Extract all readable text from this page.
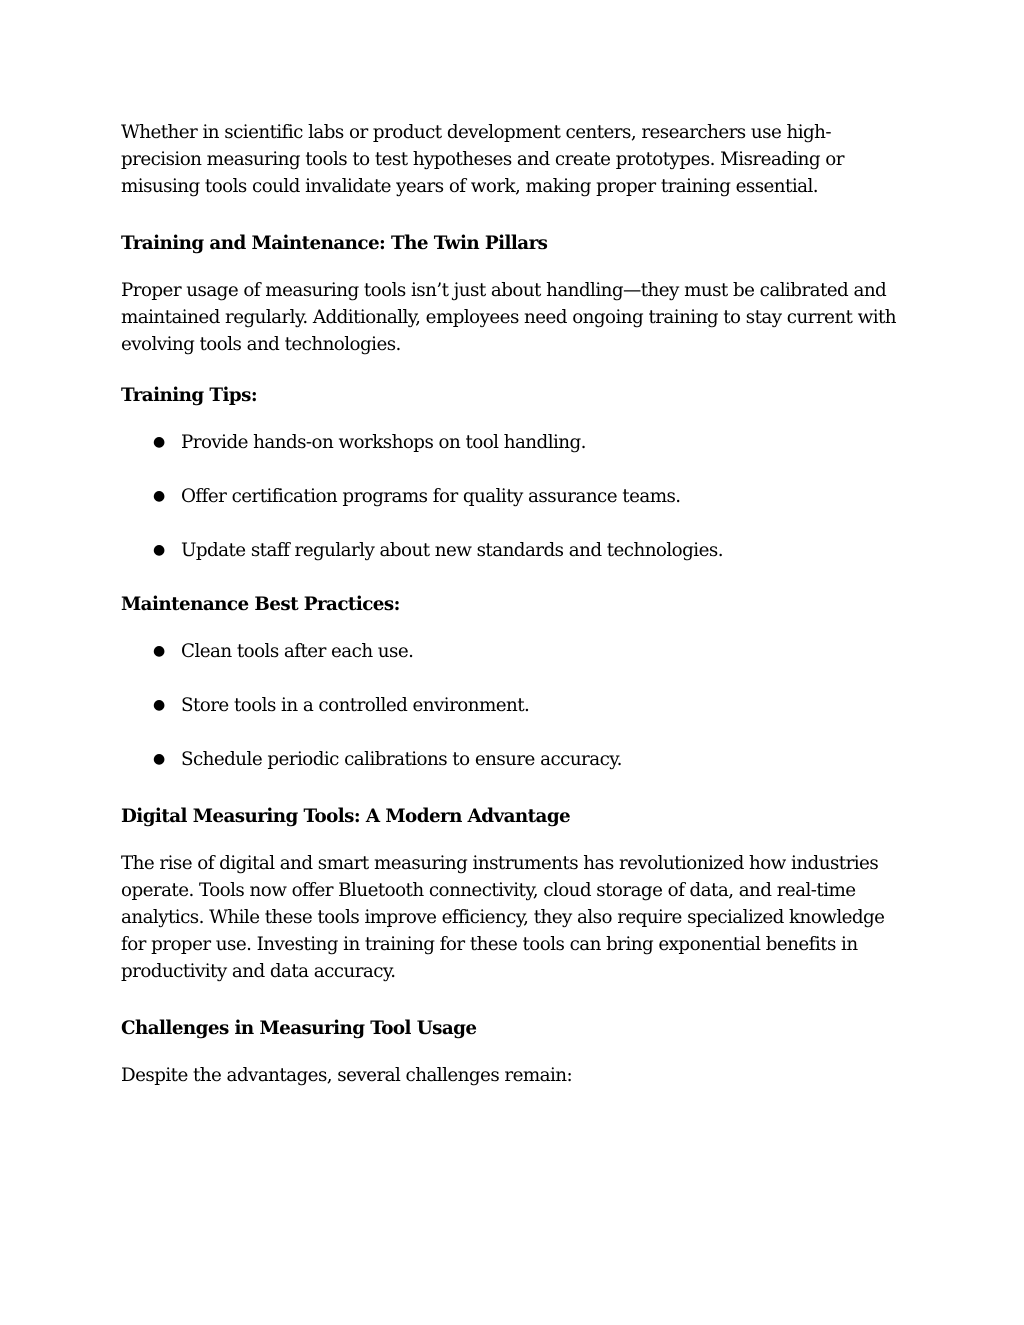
Whether in scientific labs or product development centers, researchers use high-precision measuring tools to test hypotheses and create prototypes. Misreading or misusing tools could invalidate years of work, making proper training essential.

Training and Maintenance: The Twin Pillars

Proper usage of measuring tools isn’t just about handling—they must be calibrated and maintained regularly. Additionally, employees need ongoing training to stay current with evolving tools and technologies.

Training Tips:
● Provide hands-on workshops on tool handling.
● Offer certification programs for quality assurance teams.
● Update staff regularly about new standards and technologies.
Maintenance Best Practices:
● Clean tools after each use.
● Store tools in a controlled environment.
● Schedule periodic calibrations to ensure accuracy.
Digital Measuring Tools: A Modern Advantage

The rise of digital and smart measuring instruments has revolutionized how industries operate. Tools now offer Bluetooth connectivity, cloud storage of data, and real-time analytics. While these tools improve efficiency, they also require specialized knowledge for proper use. Investing in training for these tools can bring exponential benefits in productivity and data accuracy.

Challenges in Measuring Tool Usage

Despite the advantages, several challenges remain:
